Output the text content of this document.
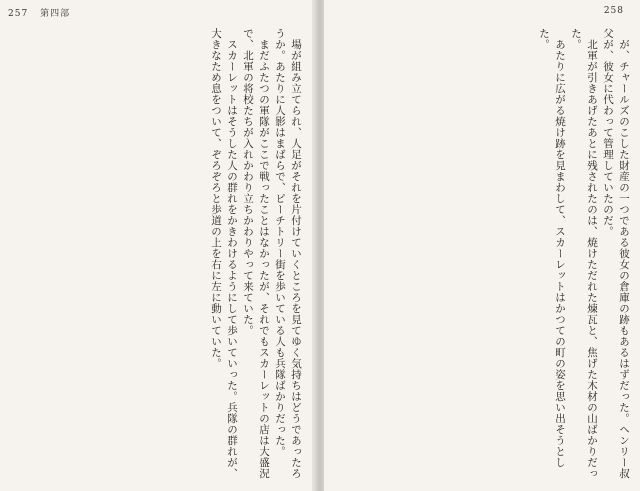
257 第四部

場が組み立てられ、人足がそれを片付けていくところを見てゆく気持ちはどうであったろうか。あたりに人影はまばらで、ピーチトリー街を歩いている人も兵隊ばかりだった。

まだふたつの軍隊がここで戦ったことはなかったが、それでもスカーレットの店は大盛況で、北軍の将校たちが入れかわり立ちかわりやって来ていた。

スカーレットはそうした人の群れをかきわけるようにして歩いていった。兵隊の群れが、大きなため息をついて、ぞろぞろと歩道の上を右に左に動いていた。

258

が、チャールズのこした財産の一つである彼女の倉庫の跡もあるはずだった。ヘンリー叔父が、彼女に代わって管理していたのだ。

北軍が引きあげたあとに残されたのは、焼けただれた煉瓦と、焦げた木材の山ばかりだった。

あたりに広がる焼け跡を見まわして、スカーレットはかつての町の姿を思い出そうとした。
